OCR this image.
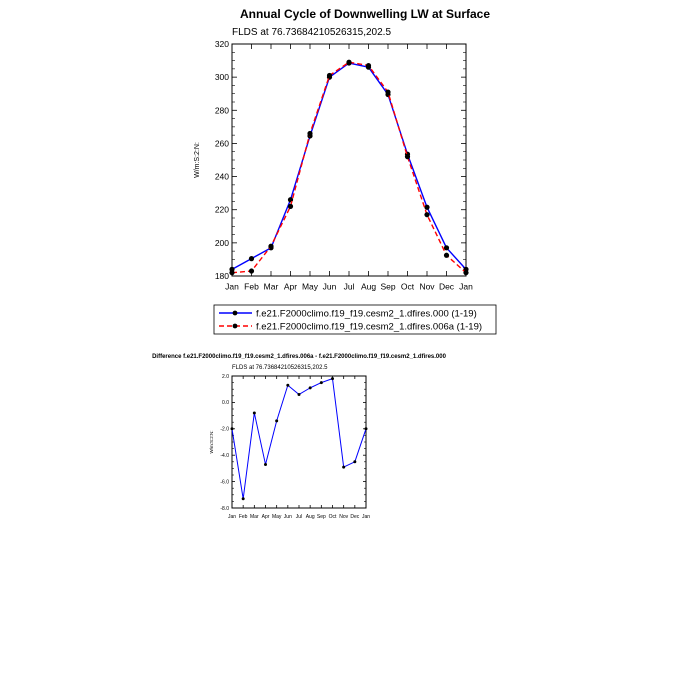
Annual Cycle of Downwelling LW at Surface
FLDS at 76.73684210526315,202.5
180
200
220
240
260
280
300
320
Jan Feb Mar Apr May Jun Jul Aug Sep Oct Nov Dec Jan
W/m:S:2:N:
f.e21.F2000climo.f19_f19.cesm2_1.dfires.000 (1-19)
f.e21.F2000climo.f19_f19.cesm2_1.dfires.006a (1-19)
Difference f.e21.F2000climo.f19_f19.cesm2_1.dfires.006a - f.e21.F2000climo.f19_f19.cesm2_1.dfires.000
FLDS at 76.73684210526315,202.5
-8.0
-6.0
-4.0
-2.0
0.0
2.0
Jan Feb Mar Apr May Jun Jul Aug Sep Oct Nov Dec Jan
W/m:S:2:N:
